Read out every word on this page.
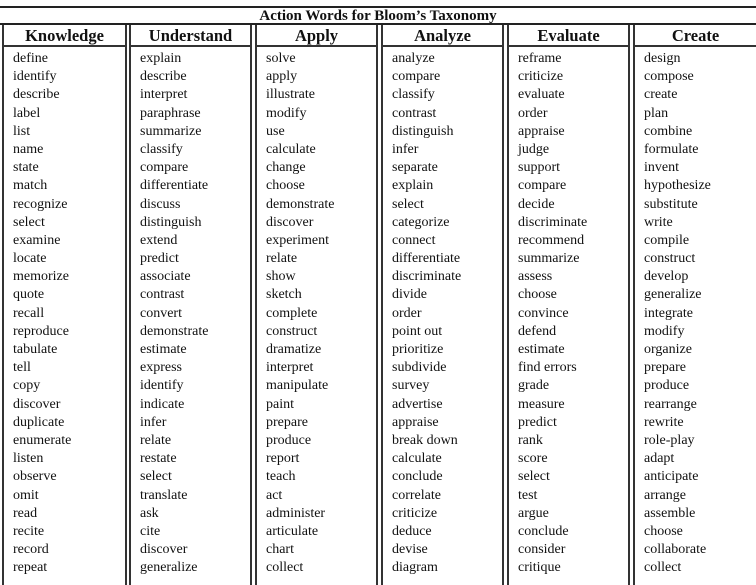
Action Words for Bloom’s Taxonomy
Knowledge
define
identify
describe
label
list
name
state
match
recognize
select
examine
locate
memorize
quote
recall
reproduce
tabulate
tell
copy
discover
duplicate
enumerate
listen
observe
omit
read
recite
record
repeat
Understand
explain
describe
interpret
paraphrase
summarize
classify
compare
differentiate
discuss
distinguish
extend
predict
associate
contrast
convert
demonstrate
estimate
express
identify
indicate
infer
relate
restate
select
translate
ask
cite
discover
generalize
Apply
solve
apply
illustrate
modify
use
calculate
change
choose
demonstrate
discover
experiment
relate
show
sketch
complete
construct
dramatize
interpret
manipulate
paint
prepare
produce
report
teach
act
administer
articulate
chart
collect
Analyze
analyze
compare
classify
contrast
distinguish
infer
separate
explain
select
categorize
connect
differentiate
discriminate
divide
order
point out
prioritize
subdivide
survey
advertise
appraise
break down
calculate
conclude
correlate
criticize
deduce
devise
diagram
Evaluate
reframe
criticize
evaluate
order
appraise
judge
support
compare
decide
discriminate
recommend
summarize
assess
choose
convince
defend
estimate
find errors
grade
measure
predict
rank
score
select
test
argue
conclude
consider
critique
Create
design
compose
create
plan
combine
formulate
invent
hypothesize
substitute
write
compile
construct
develop
generalize
integrate
modify
organize
prepare
produce
rearrange
rewrite
role-play
adapt
anticipate
arrange
assemble
choose
collaborate
collect
